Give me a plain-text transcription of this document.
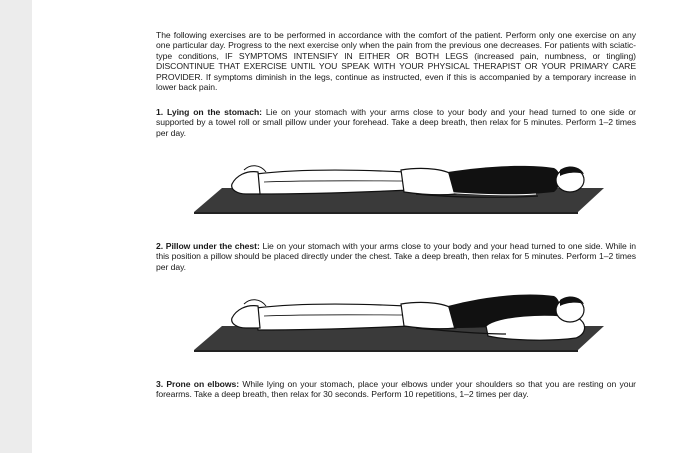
The following exercises are to be performed in accordance with the comfort of the patient. Perform only one exercise on any one particular day. Progress to the next exercise only when the pain from the previous one decreases. For patients with sciatic-type conditions, IF SYMPTOMS INTENSIFY IN EITHER OR BOTH LEGS (increased pain, numbness, or tingling) DISCONTINUE THAT EXERCISE UNTIL YOU SPEAK WITH YOUR PHYSICAL THERAPIST OR YOUR PRIMARY CARE PROVIDER. If symptoms diminish in the legs, continue as instructed, even if this is accompanied by a temporary increase in lower back pain.
1. Lying on the stomach: Lie on your stomach with your arms close to your body and your head turned to one side or supported by a towel roll or small pillow under your forehead. Take a deep breath, then relax for 5 minutes. Perform 1–2 times per day.
2. Pillow under the chest: Lie on your stomach with your arms close to your body and your head turned to one side. While in this position a pillow should be placed directly under the chest. Take a deep breath, then relax for 5 minutes. Perform 1–2 times per day.
3. Prone on elbows: While lying on your stomach, place your elbows under your shoulders so that you are resting on your forearms. Take a deep breath, then relax for 30 seconds. Perform 10 repetitions, 1–2 times per day.
